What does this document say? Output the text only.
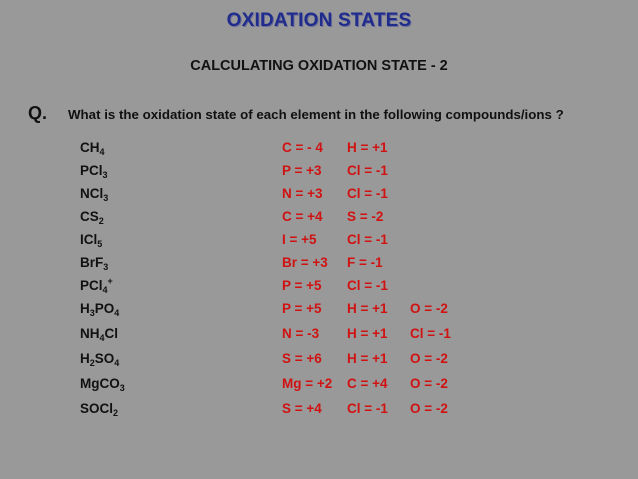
OXIDATION STATES
CALCULATING OXIDATION STATE - 2
Q. What is the oxidation state of each element in the following compounds/ions ?
$CH_4$	C = - 4 H = +1
PCl$_3$	P = +3 Cl = -1
NCl$_3$	N = +3 Cl = -1
$CS_2$	C = +4 S = -2
ICl$_5$	I = +5 Cl = -1
BrF$_3$	Br = +3 F = -1
PCl$_4$+	P = +5 Cl = -1
$H_3PO_4$	P = +5 H = +1 O = -2
$NH_4Cl$	N = -3 H = +1 Cl = -1
$H_2SO_4$	S = +6 H = +1 O = -2
MgCO$_3$	Mg = +2 C = +4 O = -2
SOCl$_2$	S = +4 Cl = -1 O = -2
